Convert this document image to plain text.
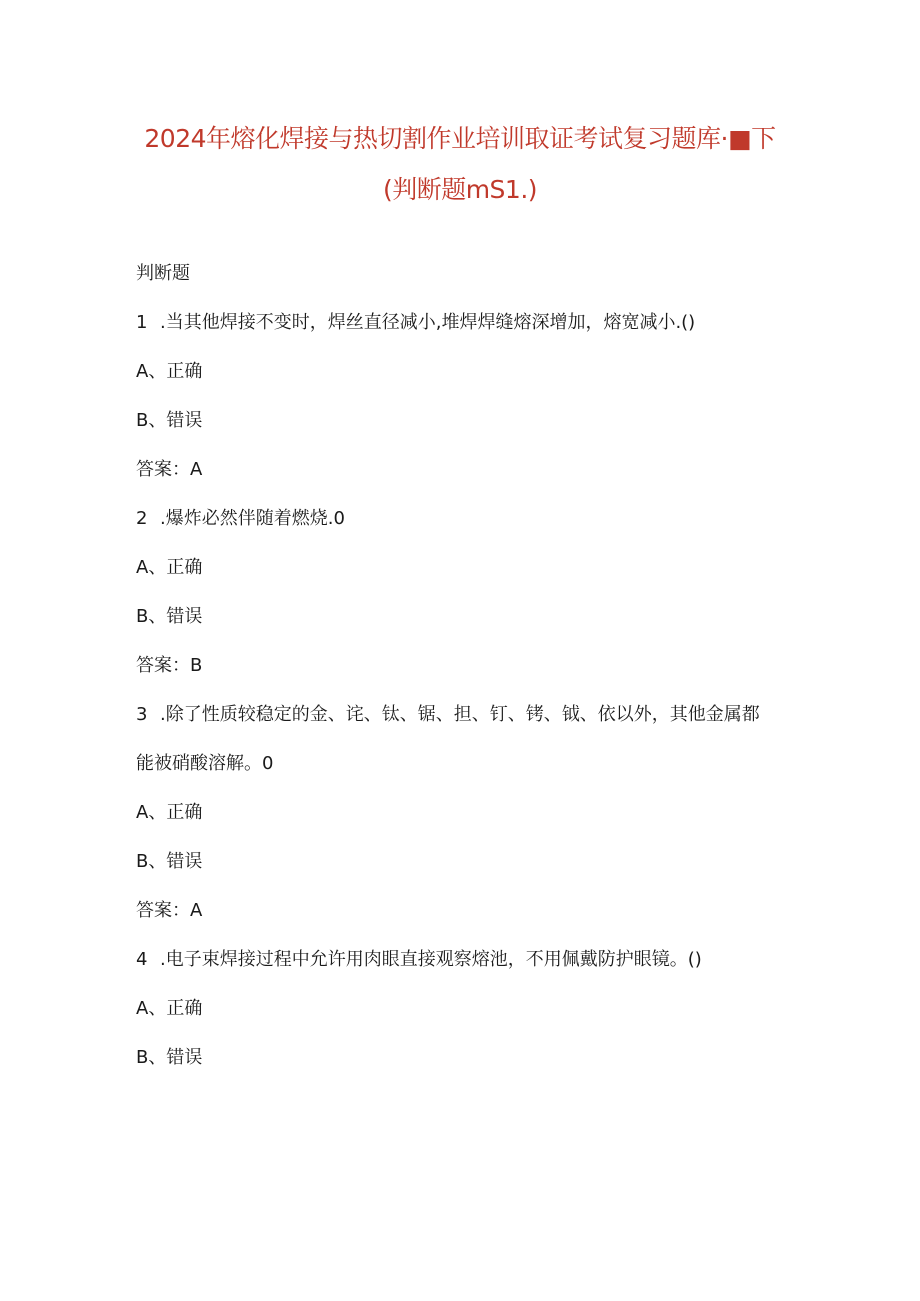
2024年熔化焊接与热切割作业培训取证考试复习题库·■下
(判断题mS1.)
判断题
1 .当其他焊接不变时，焊丝直径减小,堆焊焊缝熔深增加，熔宽减小.()
A、正确
B、错误
答案：A
2 .爆炸必然伴随着燃烧.0
A、正确
B、错误
答案：B
3 .除了性质较稳定的金、诧、钛、锯、担、钉、铐、钺、依以外，其他金属都
能被硝酸溶解。0
A、正确
B、错误
答案：A
4 .电子束焊接过程中允许用肉眼直接观察熔池，不用佩戴防护眼镜。()
A、正确
B、错误
